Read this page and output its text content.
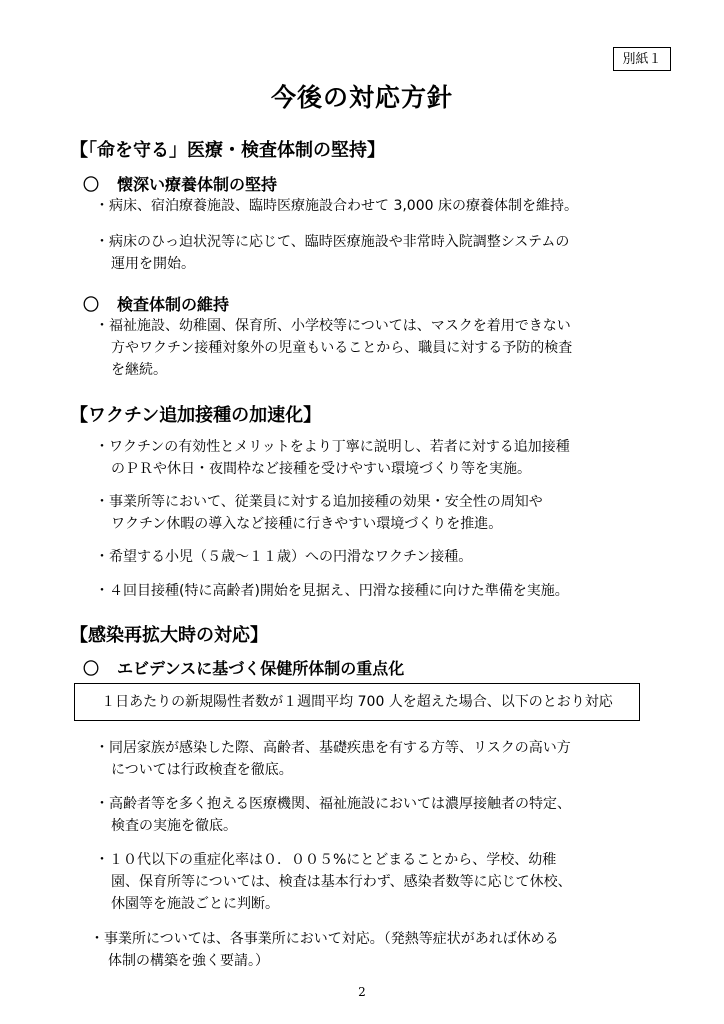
別紙１
今後の対応方針
【「命を守る」医療・検査体制の堅持】
〇 懐深い療養体制の堅持
・病床、宿泊療養施設、臨時医療施設合わせて 3,000 床の療養体制を維持。
・病床のひっ迫状況等に応じて、臨時医療施設や非常時入院調整システムの
運用を開始。
〇 検査体制の維持
・福祉施設、幼稚園、保育所、小学校等については、マスクを着用できない
方やワクチン接種対象外の児童もいることから、職員に対する予防的検査
を継続。
【ワクチン追加接種の加速化】
・ワクチンの有効性とメリットをより丁寧に説明し、若者に対する追加接種
のＰＲや休日・夜間枠など接種を受けやすい環境づくり等を実施。
・事業所等において、従業員に対する追加接種の効果・安全性の周知や
ワクチン休暇の導入など接種に行きやすい環境づくりを推進。
・希望する小児（５歳～１１歳）への円滑なワクチン接種。
・４回目接種(特に高齢者)開始を見据え、円滑な接種に向けた準備を実施。
【感染再拡大時の対応】
〇 エビデンスに基づく保健所体制の重点化
１日あたりの新規陽性者数が１週間平均 700 人を超えた場合、以下のとおり対応
・同居家族が感染した際、高齢者、基礎疾患を有する方等、リスクの高い方
については行政検査を徹底。
・高齢者等を多く抱える医療機関、福祉施設においては濃厚接触者の特定、
検査の実施を徹底。
・１０代以下の重症化率は０．００５%にとどまることから、学校、幼稚
園、保育所等については、検査は基本行わず、感染者数等に応じて休校、
休園等を施設ごとに判断。
・事業所については、各事業所において対応。（発熱等症状があれば休める
体制の構築を強く要請。）
2
